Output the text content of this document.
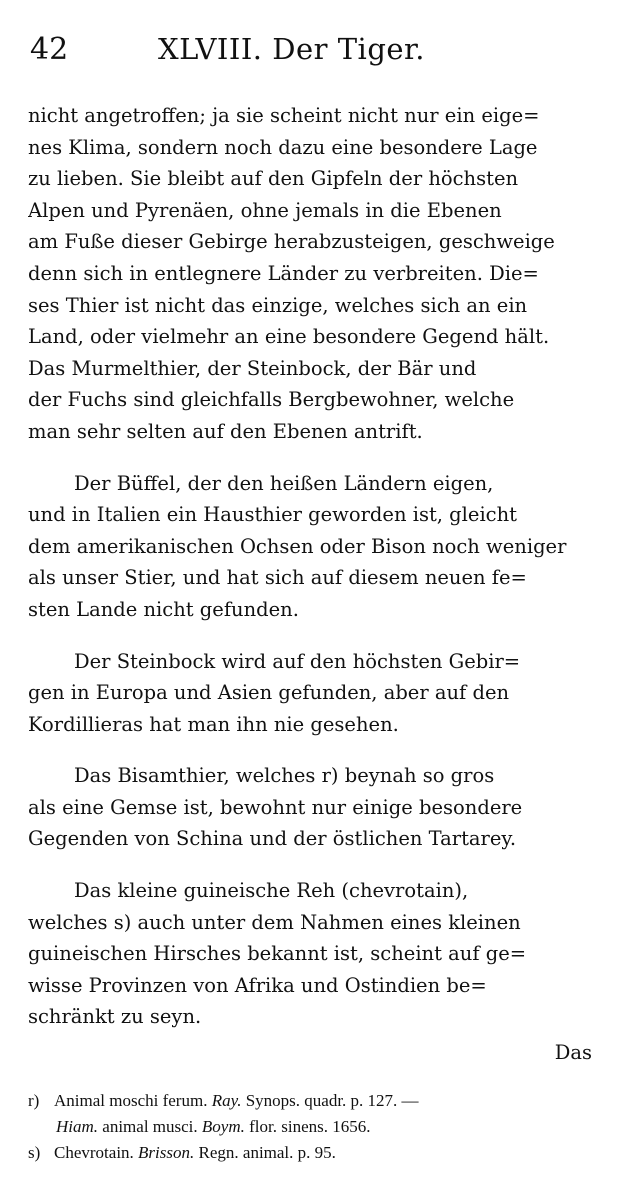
42	XLVIII. Der Tiger.
nicht angetroffen; ja sie scheint nicht nur ein eige=
nes Klima, sondern noch dazu eine besondere Lage
zu lieben. Sie bleibt auf den Gipfeln der höchsten
Alpen und Pyrenäen, ohne jemals in die Ebenen
am Fuße dieser Gebirge herabzusteigen, geschweige
denn sich in entlegnere Länder zu verbreiten. Die=
ses Thier ist nicht das einzige, welches sich an ein
Land, oder vielmehr an eine besondere Gegend hält.
Das Murmelthier, der Steinbock, der Bär und
der Fuchs sind gleichfalls Bergbewohner, welche
man sehr selten auf den Ebenen antrift.
Der Büffel, der den heißen Ländern eigen,
und in Italien ein Hausthier geworden ist, gleicht
dem amerikanischen Ochsen oder Bison noch weniger
als unser Stier, und hat sich auf diesem neuen fe=
sten Lande nicht gefunden.
Der Steinbock wird auf den höchsten Gebir=
gen in Europa und Asien gefunden, aber auf den
Kordillieras hat man ihn nie gesehen.
Das Bisamthier, welches r) beynah so gros
als eine Gemse ist, bewohnt nur einige besondere
Gegenden von Schina und der östlichen Tartarey.
Das kleine guineische Reh (chevrotain),
welches s) auch unter dem Nahmen eines kleinen
guineischen Hirsches bekannt ist, scheint auf ge=
wisse Provinzen von Afrika und Ostindien be=
schränkt zu seyn.
Das
r) Animal moschi ferum. Ray. Synops. quadr. p. 127. —
Hiam. animal musci. Boym. flor. sinens. 1656.
s) Chevrotain. Brisson. Regn. animal. p. 95.
